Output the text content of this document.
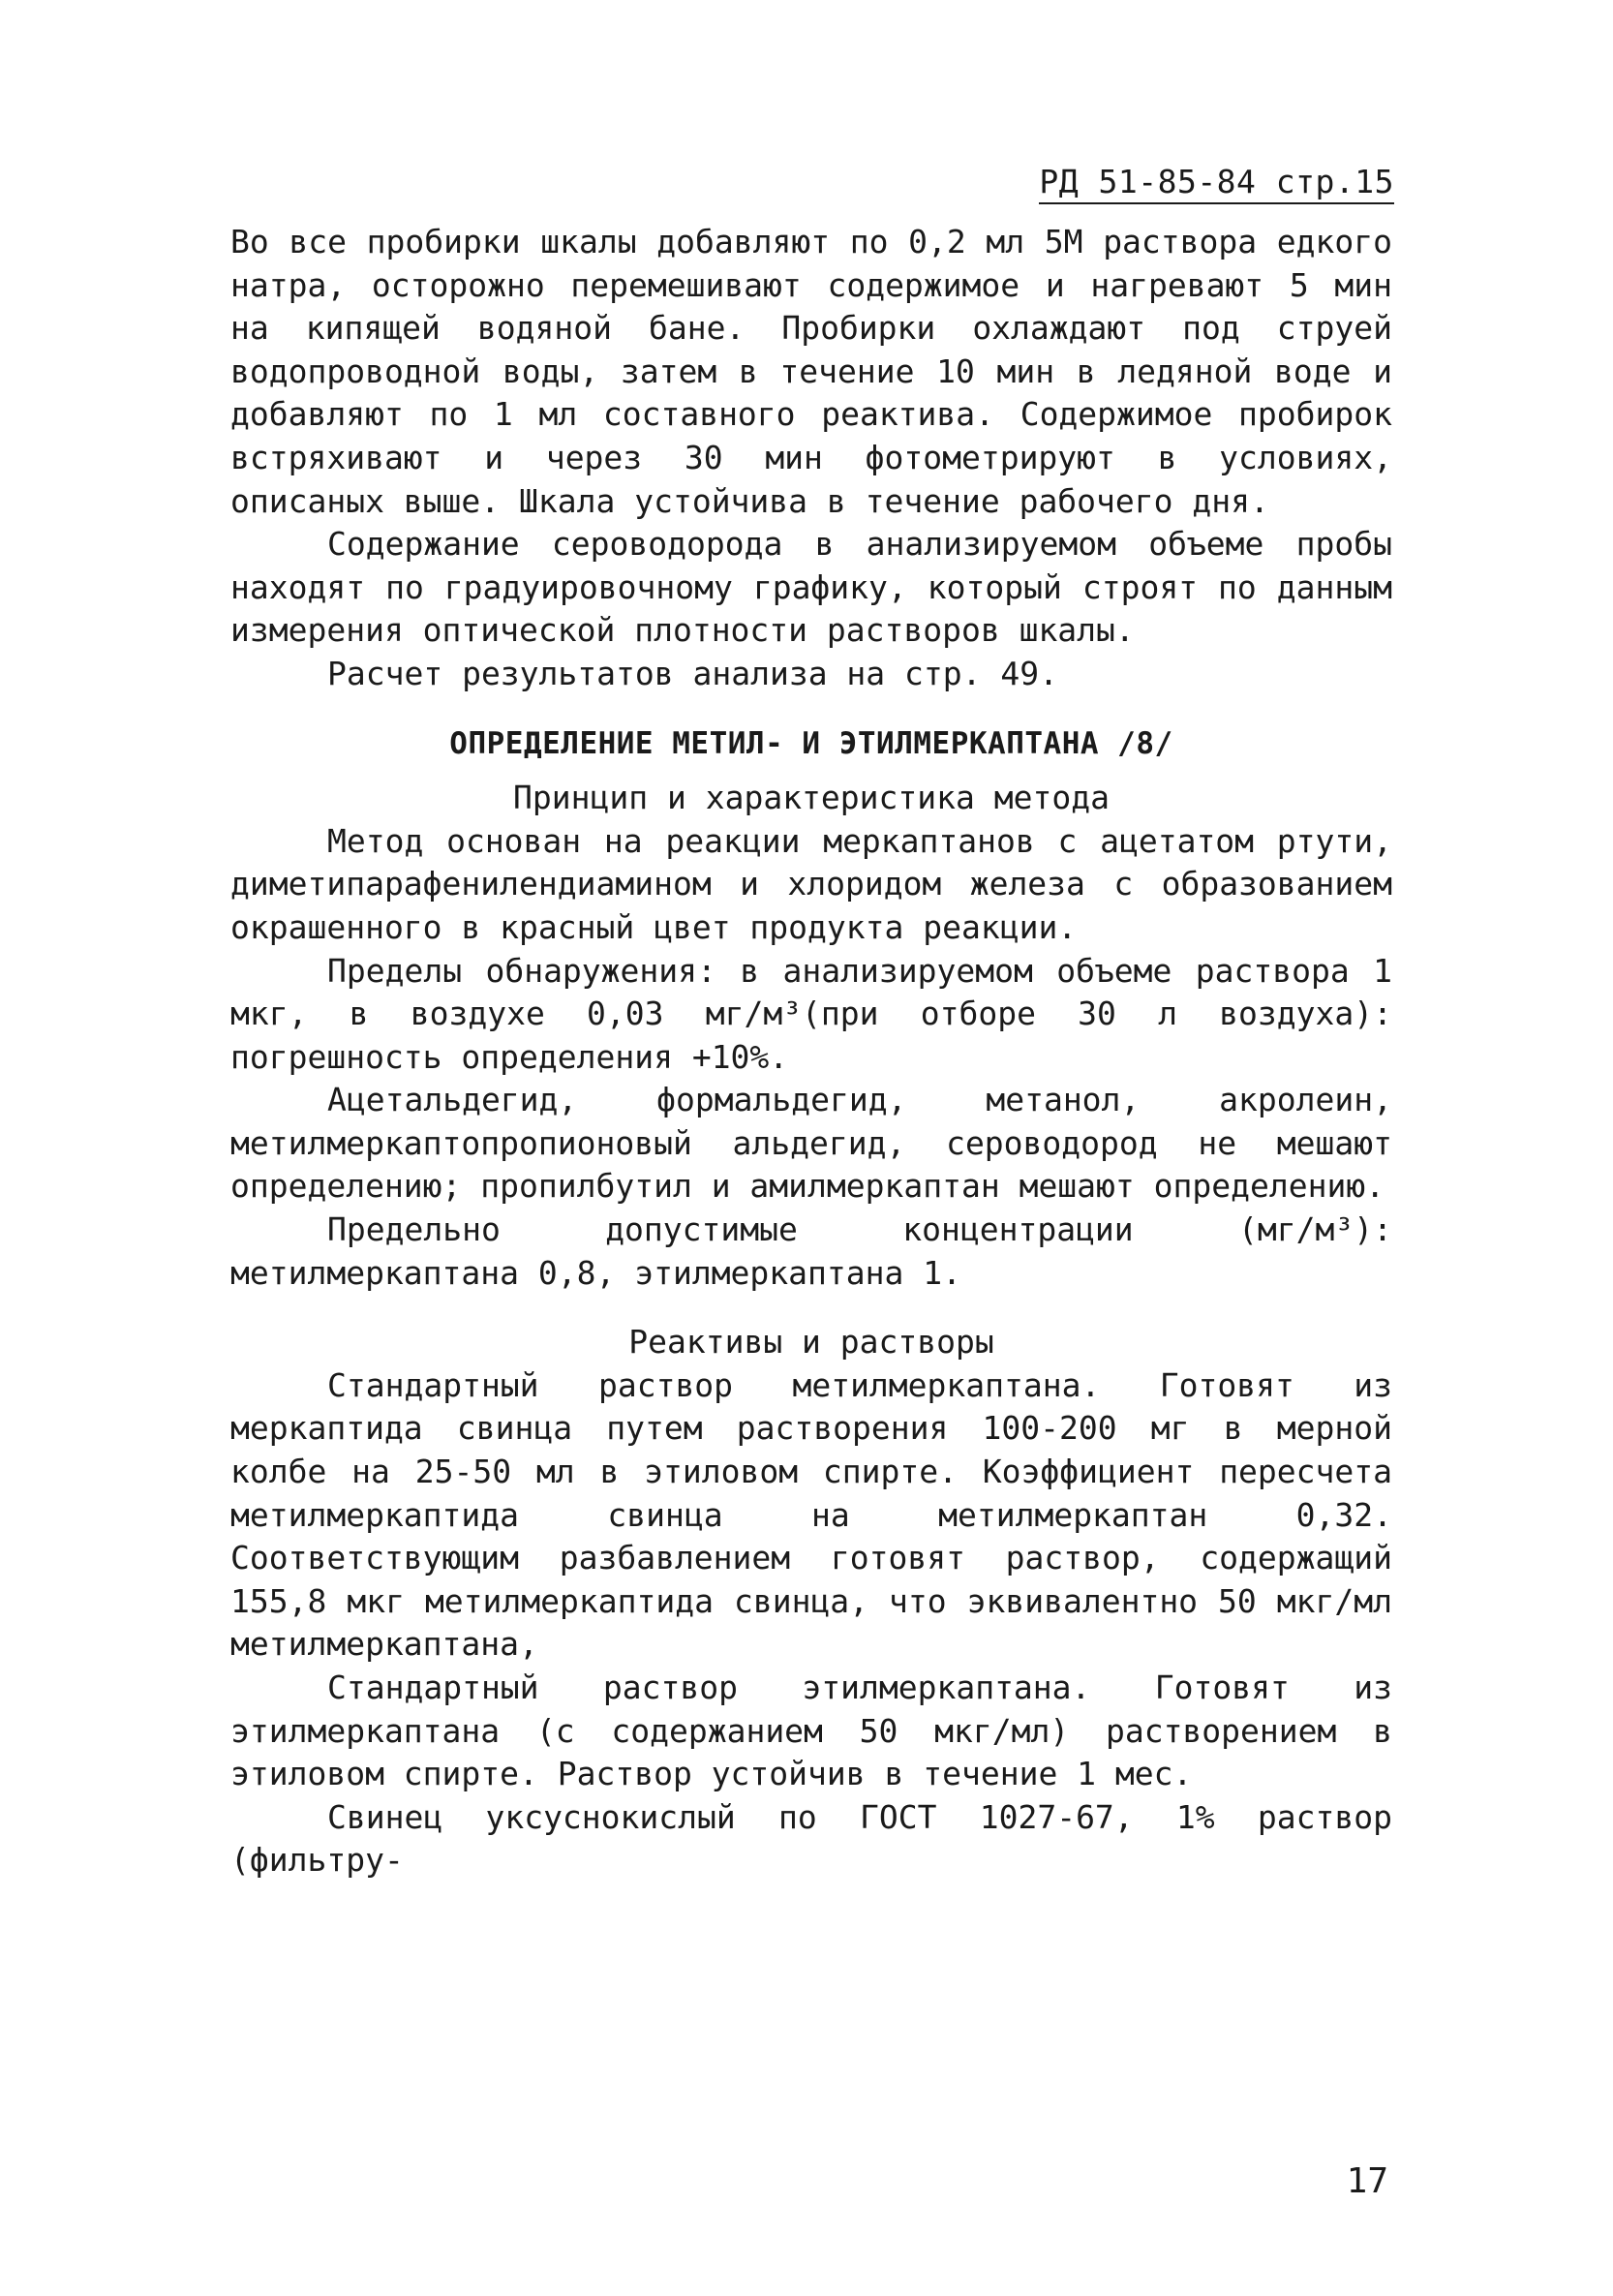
РД 51-85-84 стр.15

Во все пробирки шкалы добавляют по 0,2 мл 5М раствора едкого натра, осторожно перемешивают содержимое и нагревают 5 мин на кипящей водяной бане. Пробирки охлаждают под струей водопроводной воды, затем в течение 10 мин в ледяной воде и добавляют по 1 мл составного реактива. Содержимое пробирок встряхивают и через 30 мин фотометрируют в условиях, описаных выше. Шкала устойчива в течение рабочего дня.

Содержание сероводорода в анализируемом объеме пробы находят по градуировочному графику, который строят по данным измерения оптической плотности растворов шкалы.

Расчет результатов анализа на стр. 49.

ОПРЕДЕЛЕНИЕ МЕТИЛ- И ЭТИЛМЕРКАПТАНА /8/
Принцип и характеристика метода

Метод основан на реакции меркаптанов с ацетатом ртути, диметипарафенилендиамином и хлоридом железа с образованием окрашенного в красный цвет продукта реакции.

Пределы обнаружения: в анализируемом объеме раствора 1 мкг, в воздухе 0,03 мг/м³(при отборе 30 л воздуха): погрешность определения +10%.

Ацетальдегид, формальдегид, метанол, акролеин, метилмеркаптопропионовый альдегид, сероводород не мешают определению; пропилбутил и амилмеркаптан мешают определению.

Предельно допустимые концентрации (мг/м³): метилмеркаптана 0,8, этилмеркаптана 1.

Реактивы и растворы

Стандартный раствор метилмеркаптана. Готовят из меркаптида свинца путем растворения 100-200 мг в мерной колбе на 25-50 мл в этиловом спирте. Коэффициент пересчета метилмеркаптида свинца на метилмеркаптан 0,32. Соответствующим разбавлением готовят раствор, содержащий 155,8 мкг метилмеркаптида свинца, что эквивалентно 50 мкг/мл метилмеркаптана,

Стандартный раствор этилмеркаптана. Готовят из этилмеркаптана (с содержанием 50 мкг/мл) растворением в этиловом спирте. Раствор устойчив в течение 1 мес.

Свинец уксуснокислый по ГОСТ 1027-67, 1% раствор (фильтру-

17
